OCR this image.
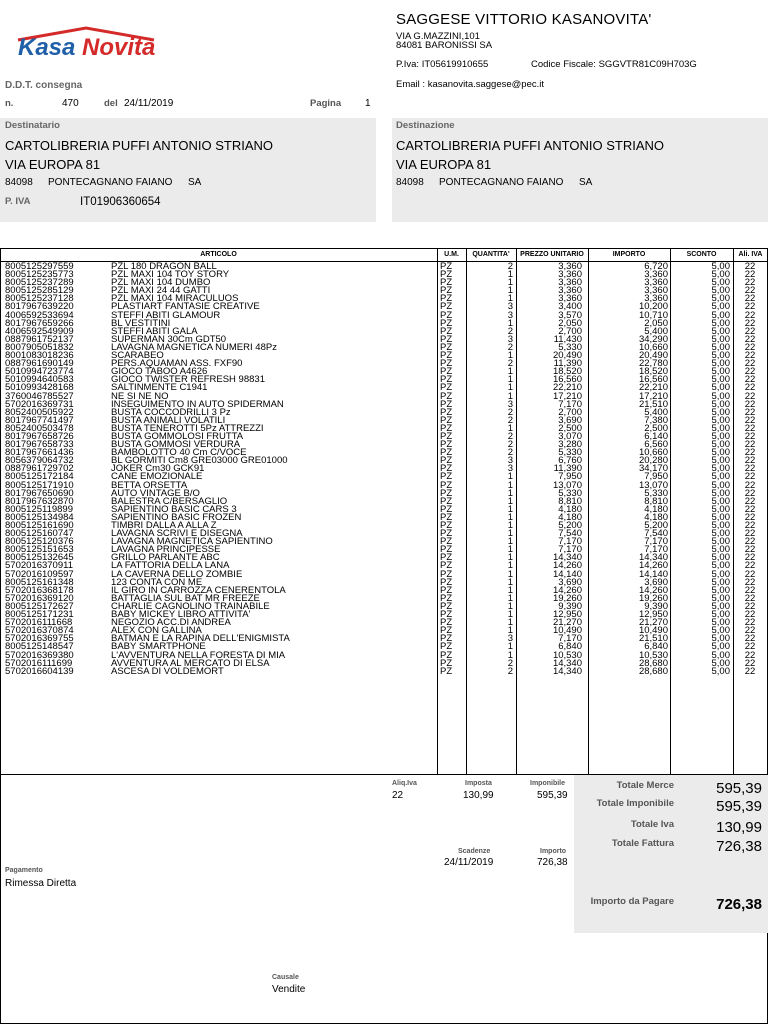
Kasa Novità
SAGGESE VITTORIO KASANOVITA'
VIA G.MAZZINI,101
84081 BARONISSI SA
P.Iva: IT05619910655	Codice Fiscale: SGGVTR81C09H703G
Email : kasanovita.saggese@pec.it
D.D.T. consegna
n.	470	del 24/11/2019	Pagina 1
Destinatario
CARTOLIBRERIA PUFFI ANTONIO STRIANO
VIA EUROPA 81
84098 PONTECAGNANO FAIANO SA
P. IVA	IT01906360654
Destinazione
CARTOLIBRERIA PUFFI ANTONIO STRIANO
VIA EUROPA 81
84098 PONTECAGNANO FAIANO SA
ARTICOLO	U.M.	QUANTITA'	PREZZO UNITARIO	IMPORTO	SCONTO	Ali. IVA
8005125297559	PZL 180 DRAGON BALL	PZ	2	3,360	6,720	5,00	22
8005125235773	PZL MAXI 104 TOY STORY	PZ	1	3,360	3,360	5,00	22
8005125237289	PZL MAXI 104 DUMBO	PZ	1	3,360	3,360	5,00	22
8005125285129	PZL MAXI 24 44 GATTI	PZ	1	3,360	3,360	5,00	22
8005125237128	PZL MAXI 104 MIRACULUOS	PZ	1	3,360	3,360	5,00	22
8017967639220	PLASTIART FANTASIE CREATIVE	PZ	3	3,400	10,200	5,00	22
4006592533694	STEFFI ABITI GLAMOUR	PZ	3	3,570	10,710	5,00	22
8017967659266	BL VESTITINI	PZ	1	2,050	2,050	5,00	22
4006592549909	STEFFI ABITI GALA	PZ	2	2,700	5,400	5,00	22
0887961752137	SUPERMAN 30Cm GDT50	PZ	3	11,430	34,290	5,00	22
8007905051832	LAVAGNA MAGNETICA NUMERI 48Pz	PZ	2	5,330	10,660	5,00	22
8001083018236	SCARABEO	PZ	1	20,490	20,490	5,00	22
0887961690149	PERS.AQUAMAN ASS. FXF90	PZ	2	11,390	22,780	5,00	22
5010994723774	GIOCO TABOO A4626	PZ	1	18,520	18,520	5,00	22
5010994640583	GIOCO TWISTER REFRESH 98831	PZ	1	16,560	16,560	5,00	22
5010993428168	SALTINMENTE C1941	PZ	1	22,210	22,210	5,00	22
3760046785527	NE SI NE NO	PZ	1	17,210	17,210	5,00	22
5702016369731	INSEGUIMENTO IN AUTO SPIDERMAN	PZ	3	7,170	21,510	5,00	22
8052400505922	BUSTA COCCODRILLI 3 Pz	PZ	2	2,700	5,400	5,00	22
8017967741497	BUSTA ANIMALI VOLATILI	PZ	2	3,690	7,380	5,00	22
8052400503478	BUSTA TENEROTTI 5Pz ATTREZZI	PZ	1	2,500	2,500	5,00	22
8017967658726	BUSTA GOMMOLOSI FRUTTA	PZ	2	3,070	6,140	5,00	22
8017967658733	BUSTA GOMMOSI VERDURA	PZ	2	3,280	6,560	5,00	22
8017967661436	BAMBOLOTTO 40 Cm C/VOCE	PZ	2	5,330	10,660	5,00	22
8056379064732	BL GORMITI Cm8 GRE03000 GRE01000	PZ	3	6,760	20,280	5,00	22
0887961729702	JOKER Cm30 GCK91	PZ	3	11,390	34,170	5,00	22
8005125172184	CANE EMOZIONALE	PZ	1	7,950	7,950	5,00	22
8005125171910	BETTA ORSETTA	PZ	1	13,070	13,070	5,00	22
8017967650690	AUTO VINTAGE B/O	PZ	1	5,330	5,330	5,00	22
8017967632870	BALESTRA C/BERSAGLIO	PZ	1	8,810	8,810	5,00	22
8005125119899	SAPIENTINO BASIC CARS 3	PZ	1	4,180	4,180	5,00	22
8005125134984	SAPIENTINO BASIC FROZEN	PZ	1	4,180	4,180	5,00	22
8005125161690	TIMBRI DALLA A ALLA Z	PZ	1	5,200	5,200	5,00	22
8005125160747	LAVAGNA SCRIVI E DISEGNA	PZ	1	7,540	7,540	5,00	22
8005125120376	LAVAGNA MAGNETICA SAPIENTINO	PZ	1	7,170	7,170	5,00	22
8005125151653	LAVAGNA PRINCIPESSE	PZ	1	7,170	7,170	5,00	22
8005125132645	GRILLO PARLANTE ABC	PZ	1	14,340	14,340	5,00	22
5702016370911	LA FATTORIA DELLA LANA	PZ	1	14,260	14,260	5,00	22
5702016109597	LA CAVERNA DELLO ZOMBIE	PZ	1	14,140	14,140	5,00	22
8005125161348	123 CONTA CON ME	PZ	1	3,690	3,690	5,00	22
5702016368178	IL GIRO IN CARROZZA CENERENTOLA	PZ	1	14,260	14,260	5,00	22
5702016369120	BATTAGLIA SUL BAT MR FREEZE	PZ	1	19,260	19,260	5,00	22
8005125172627	CHARLIE CAGNOLINO TRAINABILE	PZ	1	9,390	9,390	5,00	22
8005125171231	BABY MICKEY LIBRO ATTIVITA'	PZ	1	12,950	12,950	5,00	22
5702016111668	NEGOZIO ACC.DI ANDREA	PZ	1	21,270	21,270	5,00	22
5702016370874	ALEX CON GALLINA	PZ	1	10,490	10,490	5,00	22
5702016369755	BATMAN E LA RAPINA DELL'ENIGMISTA	PZ	3	7,170	21,510	5,00	22
8005125148547	BABY SMARTPHONE	PZ	1	6,840	6,840	5,00	22
5702016369380	L'AVVENTURA NELLA FORESTA DI MIA	PZ	1	10,530	10,530	5,00	22
5702016111699	AVVENTURA AL MERCATO DI ELSA	PZ	2	14,340	28,680	5,00	22
5702016604139	ASCESA DI VOLDEMORT	PZ	2	14,340	28,680	5,00	22
Aliq.Iva
22
Imposta
130,99
Imponibile
595,39
Scadenze
24/11/2019
Importo
726,38
Pagamento
Rimessa Diretta
Causale
Vendite
Totale Merce	595,39
Totale Imponibile	595,39
Totale Iva	130,99
Totale Fattura	726,38
Importo da Pagare	726,38
